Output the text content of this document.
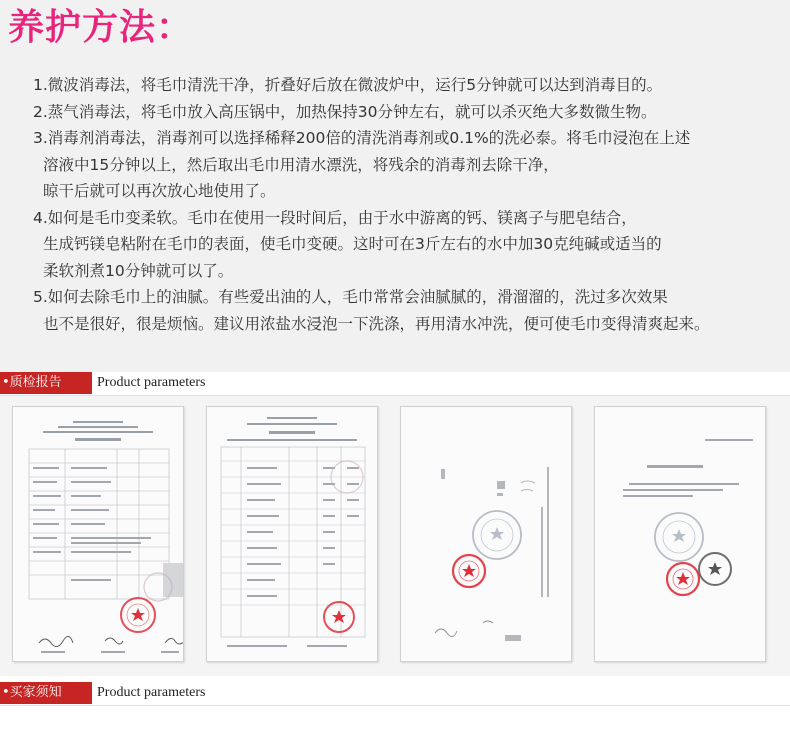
养护方法：
1.微波消毒法，将毛巾清洗干净，折叠好后放在微波炉中，运行5分钟就可以达到消毒目的。
2.蒸气消毒法，将毛巾放入高压锅中，加热保持30分钟左右，就可以杀灭绝大多数微生物。
3.消毒剂消毒法，消毒剂可以选择稀释200倍的清洗消毒剂或0.1%的洗必泰。将毛巾浸泡在上述
溶液中15分钟以上，然后取出毛巾用清水漂洗，将残余的消毒剂去除干净，
晾干后就可以再次放心地使用了。
4.如何是毛巾变柔软。毛巾在使用一段时间后，由于水中游离的钙、镁离子与肥皂结合，
生成钙镁皂粘附在毛巾的表面，使毛巾变硬。这时可在3斤左右的水中加30克纯碱或适当的
柔软剂煮10分钟就可以了。
5.如何去除毛巾上的油腻。有些爱出油的人，毛巾常常会油腻腻的，滑溜溜的，洗过多次效果
也不是很好，很是烦恼。建议用浓盐水浸泡一下洗涤，再用清水冲洗，便可使毛巾变得清爽起来。
•质检报告	Product parameters
•买家须知	Product parameters
